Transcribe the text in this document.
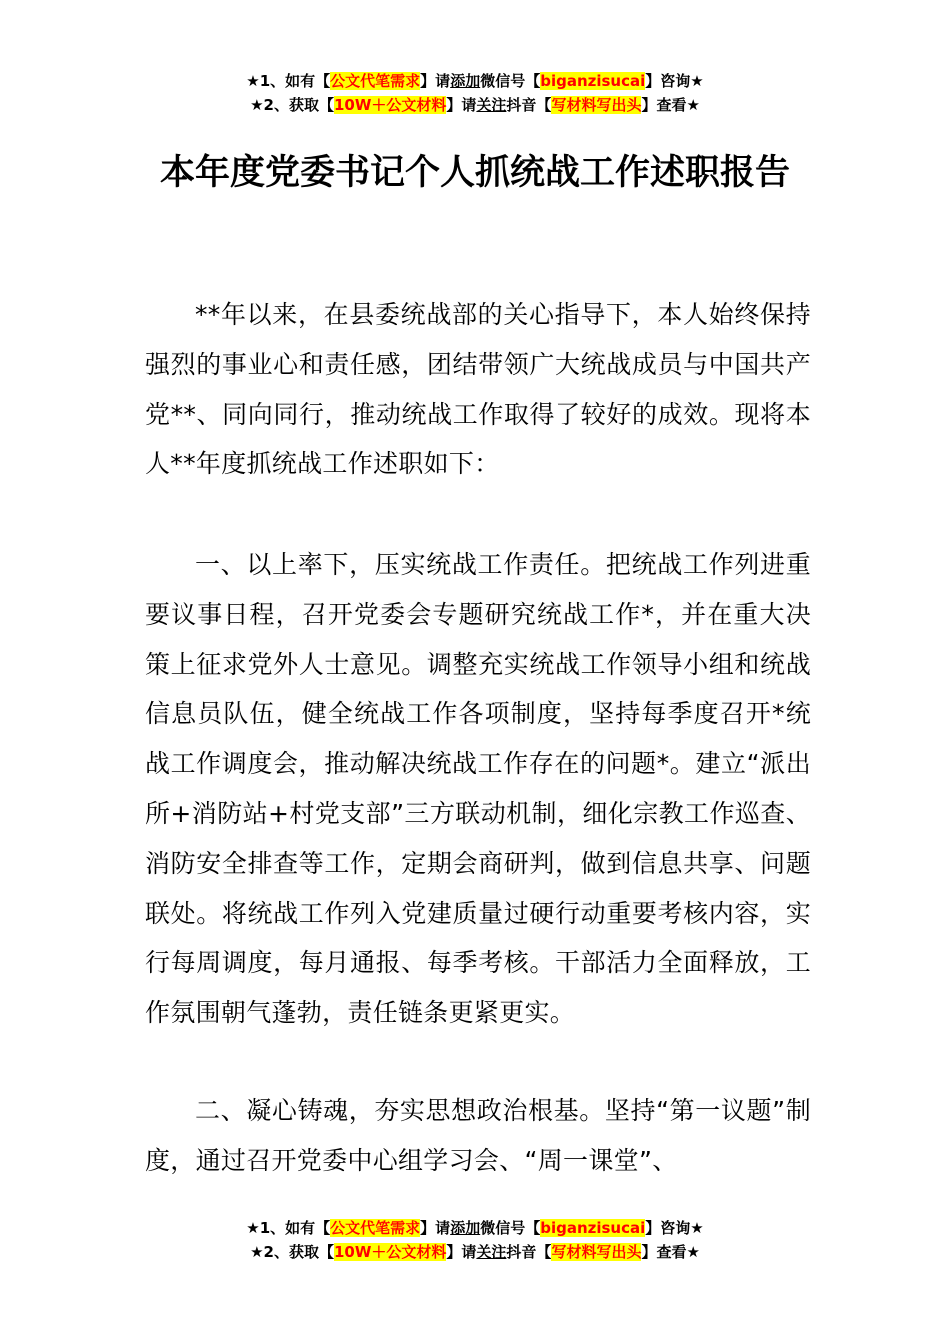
★1、如有【公文代笔需求】请添加微信号【biganzisucai】咨询★
★2、获取【10W＋公文材料】请关注抖音【写材料写出头】查看★
本年度党委书记个人抓统战工作述职报告

**年以来，在县委统战部的关心指导下，本人始终保持强烈的事业心和责任感，团结带领广大统战成员与中国共产党**、同向同行，推动统战工作取得了较好的成效。现将本人**年度抓统战工作述职如下：

一、以上率下，压实统战工作责任。把统战工作列进重要议事日程，召开党委会专题研究统战工作*，并在重大决策上征求党外人士意见。调整充实统战工作领导小组和统战信息员队伍，健全统战工作各项制度，坚持每季度召开*统战工作调度会，推动解决统战工作存在的问题*。建立“派出所+消防站+村党支部”三方联动机制，细化宗教工作巡查、消防安全排查等工作，定期会商研判，做到信息共享、问题联处。将统战工作列入党建质量过硬行动重要考核内容，实行每周调度，每月通报、每季考核。干部活力全面释放，工作氛围朝气蓬勃，责任链条更紧更实。

二、凝心铸魂，夯实思想政治根基。坚持“第一议题”制度，通过召开党委中心组学习会、“周一课堂”、

★1、如有【公文代笔需求】请添加微信号【biganzisucai】咨询★
★2、获取【10W＋公文材料】请关注抖音【写材料写出头】查看★
